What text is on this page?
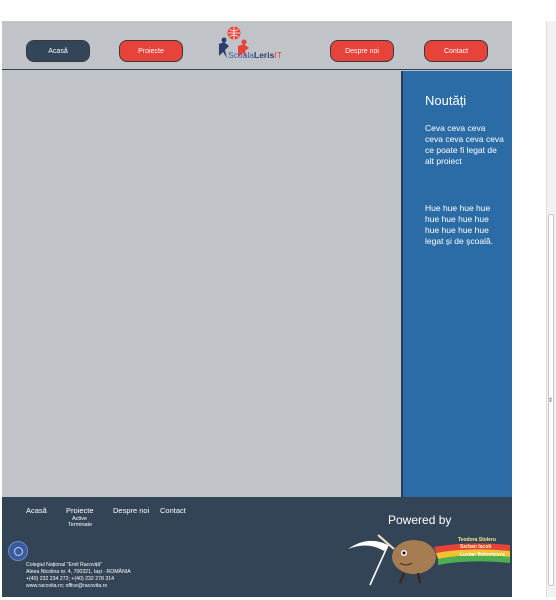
Acasă	Proiecte	ScoalaLerisIT	Despre noi	Contact
Noutăți
Ceva ceva ceva ceva ceva ceva ceva ce poate fi legat de alt proiect
Hue hue hue hue hue hue hue hue hue hue hue hue legat și de școală.
Acasă	Proiecte
Active
Terminate
Despre noi Contact
Colegiul Național "Emil Racoviță"
Aleea Nicolina nr. 4, 700321, Iași - ROMÂNIA
+(40) 232 234 272; +(40) 232 278 314
www.racovita.ro; office@racovita.ro
Powered by
Teodora Stoleru
Serban Iacob
Lucian Boicenceru
⇕
